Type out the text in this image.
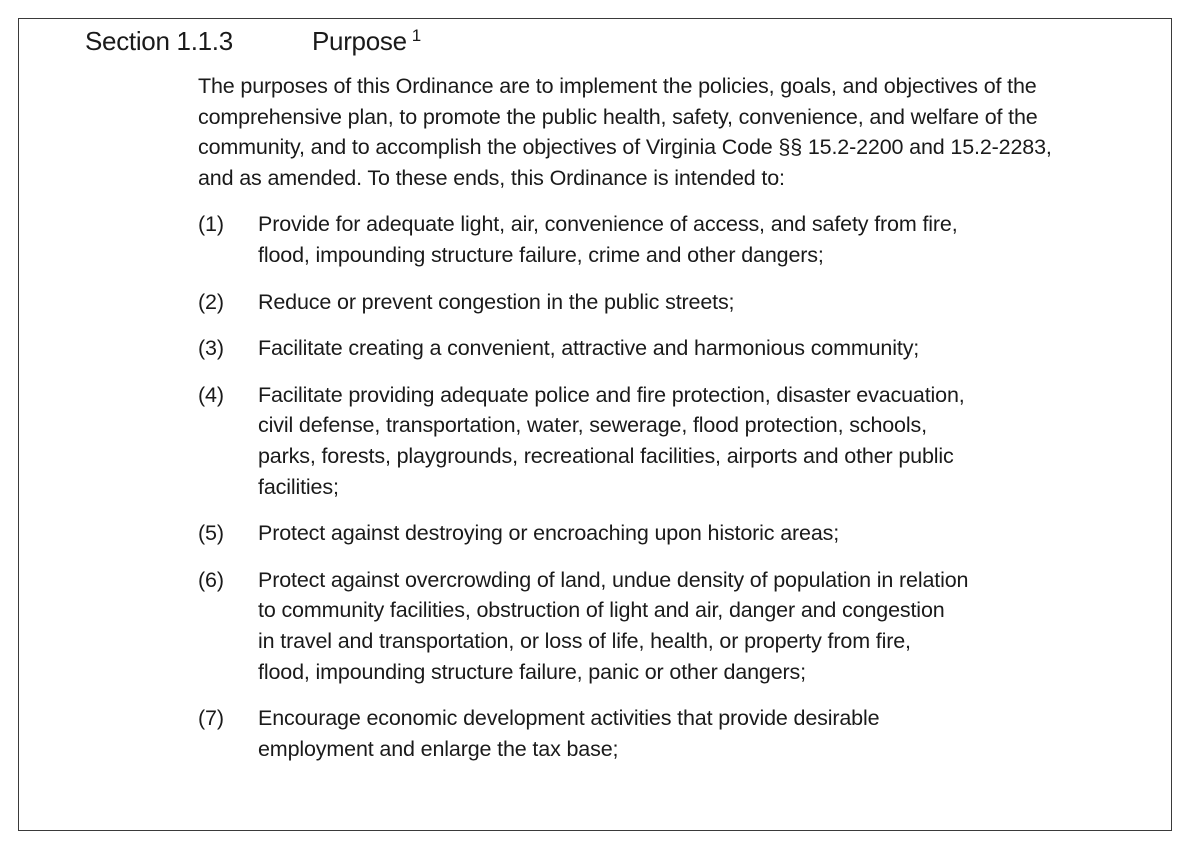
Section 1.1.3	Purpose $^1$

The purposes of this Ordinance are to implement the policies, goals, and objectives of the comprehensive plan, to promote the public health, safety, convenience, and welfare of the community, and to accomplish the objectives of Virginia Code §§ 15.2-2200 and 15.2-2283, and as amended. To these ends, this Ordinance is intended to:

(1)	Provide for adequate light, air, convenience of access, and safety from fire,
flood, impounding structure failure, crime and other dangers;
(2)	Reduce or prevent congestion in the public streets;
(3)	Facilitate creating a convenient, attractive and harmonious community;
(4)	Facilitate providing adequate police and fire protection, disaster evacuation,
civil defense, transportation, water, sewerage, flood protection, schools,
parks, forests, playgrounds, recreational facilities, airports and other public
facilities;
(5)	Protect against destroying or encroaching upon historic areas;
(6)	Protect against overcrowding of land, undue density of population in relation
to community facilities, obstruction of light and air, danger and congestion
in travel and transportation, or loss of life, health, or property from fire,
flood, impounding structure failure, panic or other dangers;
(7)	Encourage economic development activities that provide desirable
employment and enlarge the tax base;
